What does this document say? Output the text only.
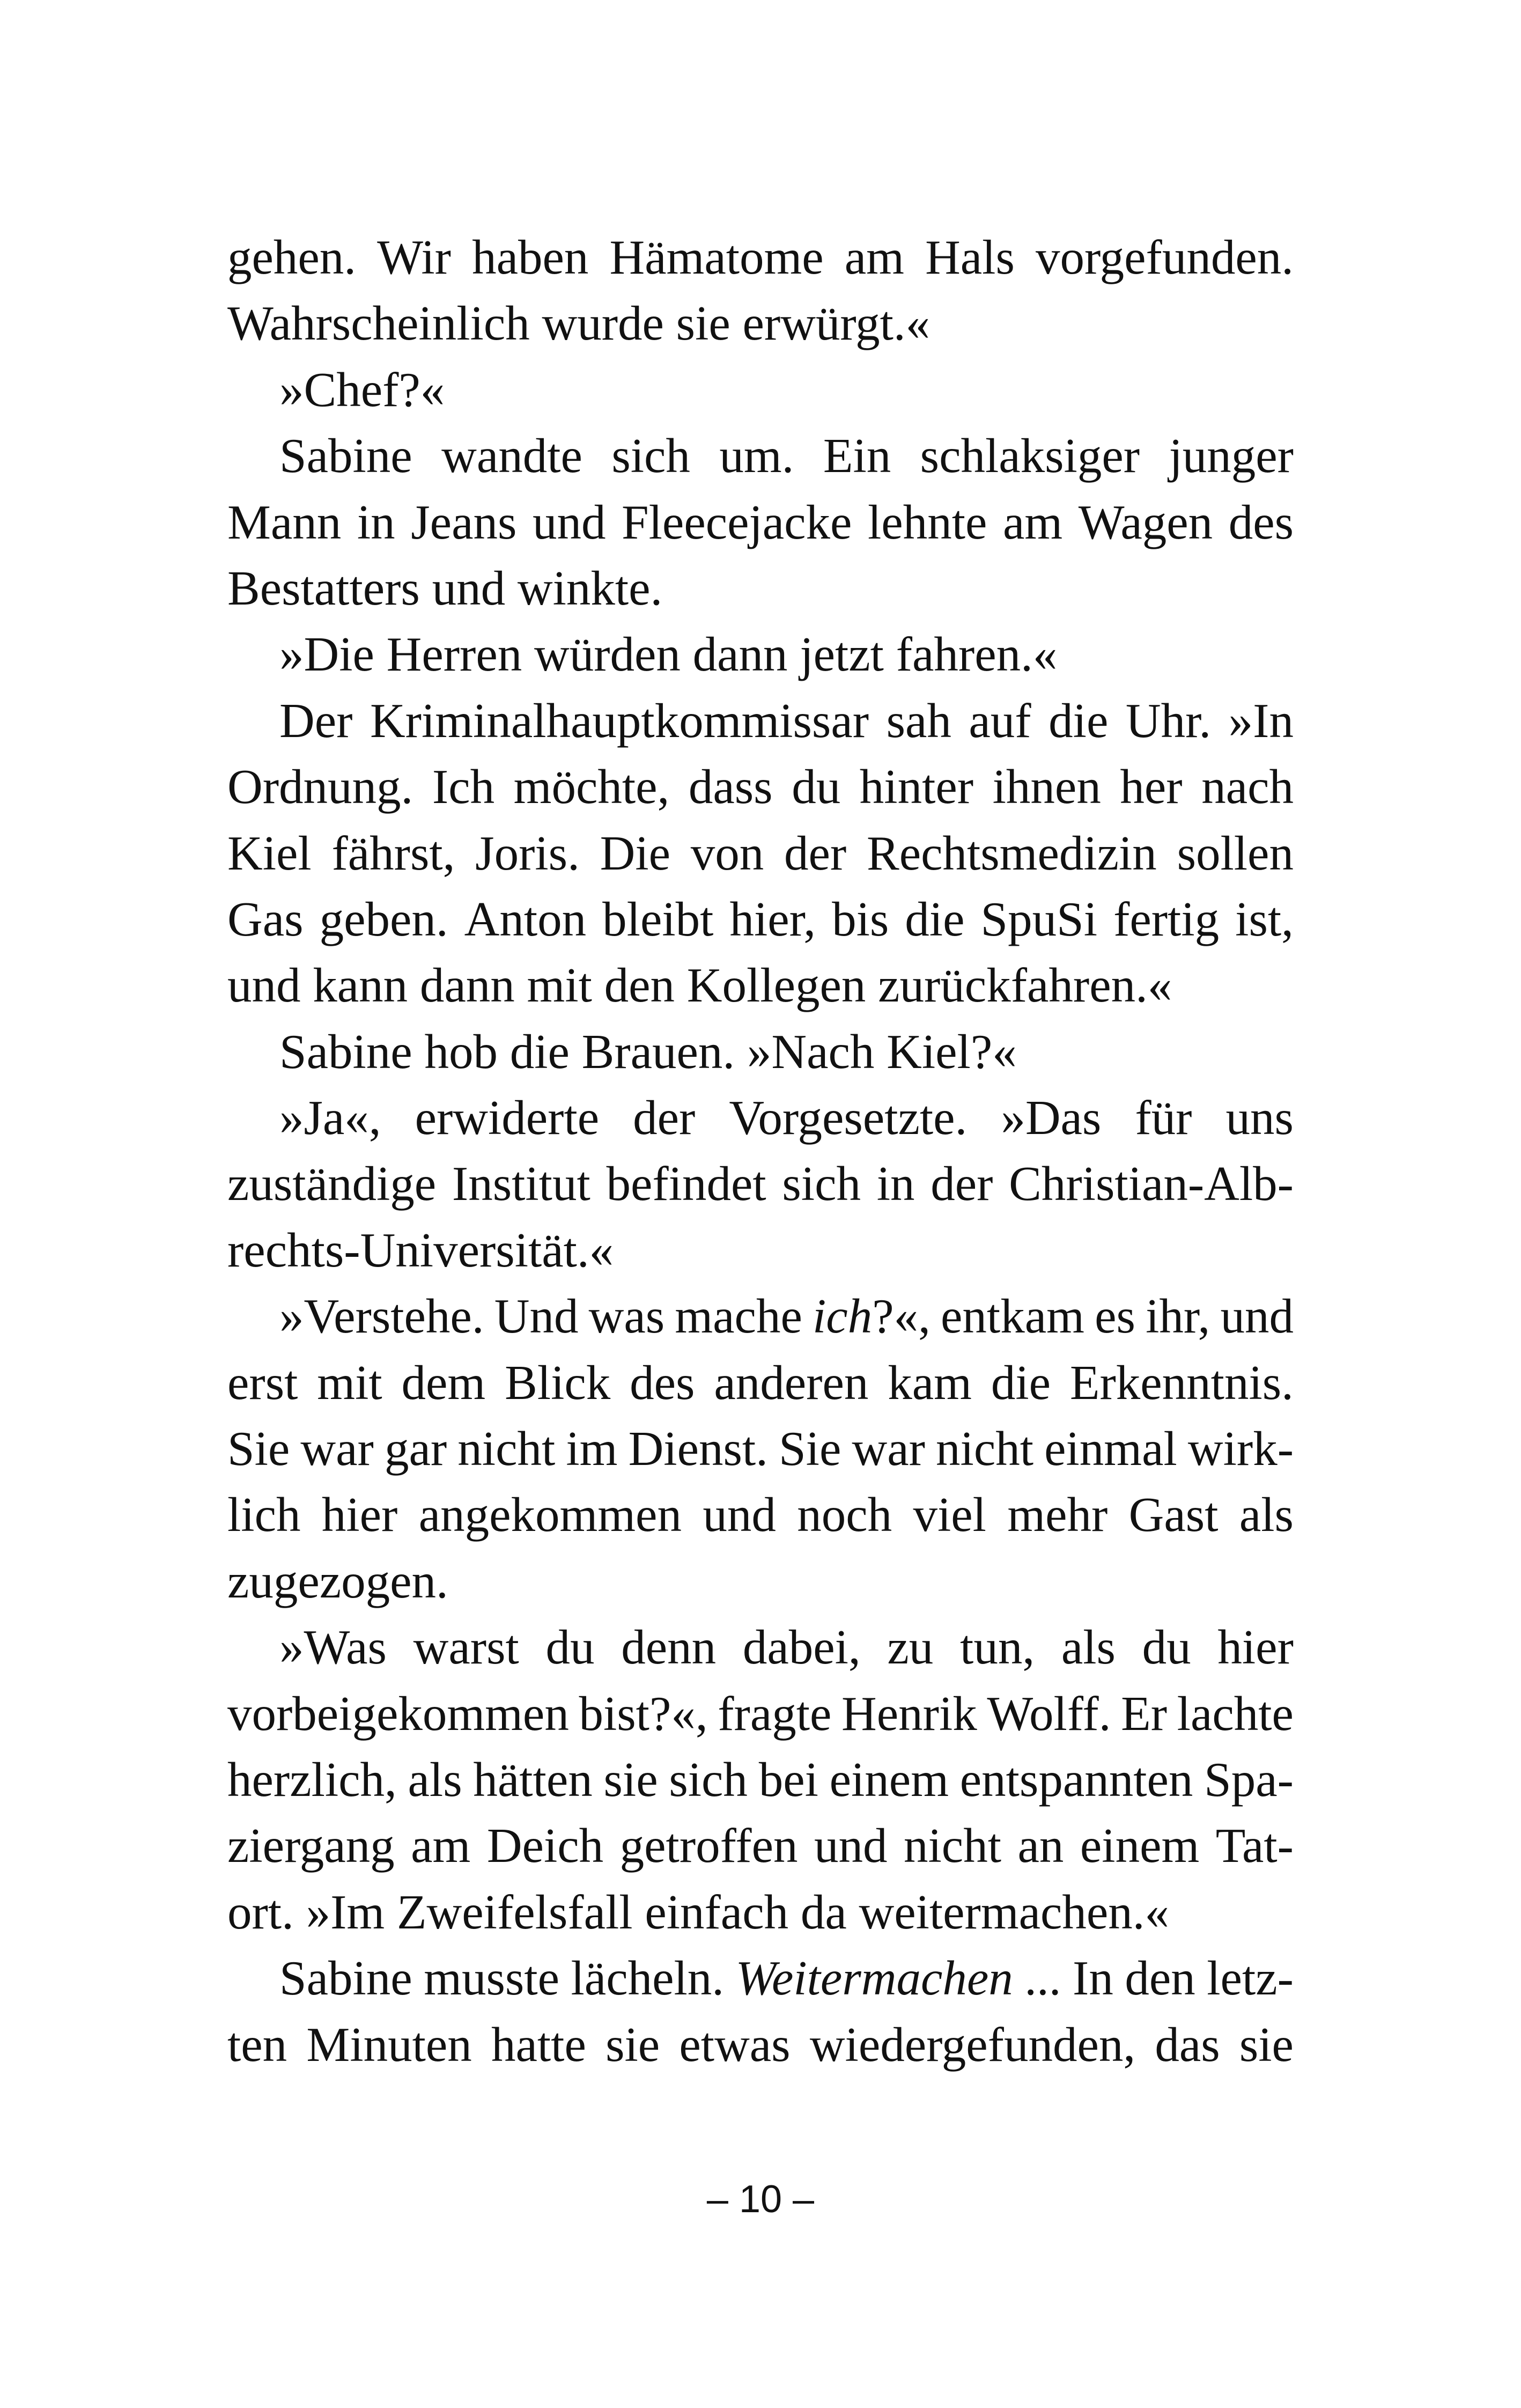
gehen. Wir haben Hämatome am Hals vorgefunden.
Wahrscheinlich wurde sie erwürgt.«
»Chef?«
Sabine wandte sich um. Ein schlaksiger junger
Mann in Jeans und Fleecejacke lehnte am Wagen des
Bestatters und winkte.
»Die Herren würden dann jetzt fahren.«
Der Kriminalhauptkommissar sah auf die Uhr. »In
Ordnung. Ich möchte, dass du hinter ihnen her nach
Kiel fährst, Joris. Die von der Rechtsmedizin sollen
Gas geben. Anton bleibt hier, bis die SpuSi fertig ist,
und kann dann mit den Kollegen zurückfahren.«
Sabine hob die Brauen. »Nach Kiel?«
»Ja«, erwiderte der Vorgesetzte. »Das für uns
zuständige Institut befindet sich in der Christian-Alb-
rechts-Universität.«
»Verstehe. Und was mache ich?«, entkam es ihr, und
erst mit dem Blick des anderen kam die Erkenntnis.
Sie war gar nicht im Dienst. Sie war nicht einmal wirk-
lich hier angekommen und noch viel mehr Gast als
zugezogen.
»Was warst du denn dabei, zu tun, als du hier
vorbeigekommen bist?«, fragte Henrik Wolff. Er lachte
herzlich, als hätten sie sich bei einem entspannten Spa-
ziergang am Deich getroffen und nicht an einem Tat-
ort. »Im Zweifelsfall einfach da weitermachen.«
Sabine musste lächeln. Weitermachen ... In den letz-
ten Minuten hatte sie etwas wiedergefunden, das sie
– 10 –
